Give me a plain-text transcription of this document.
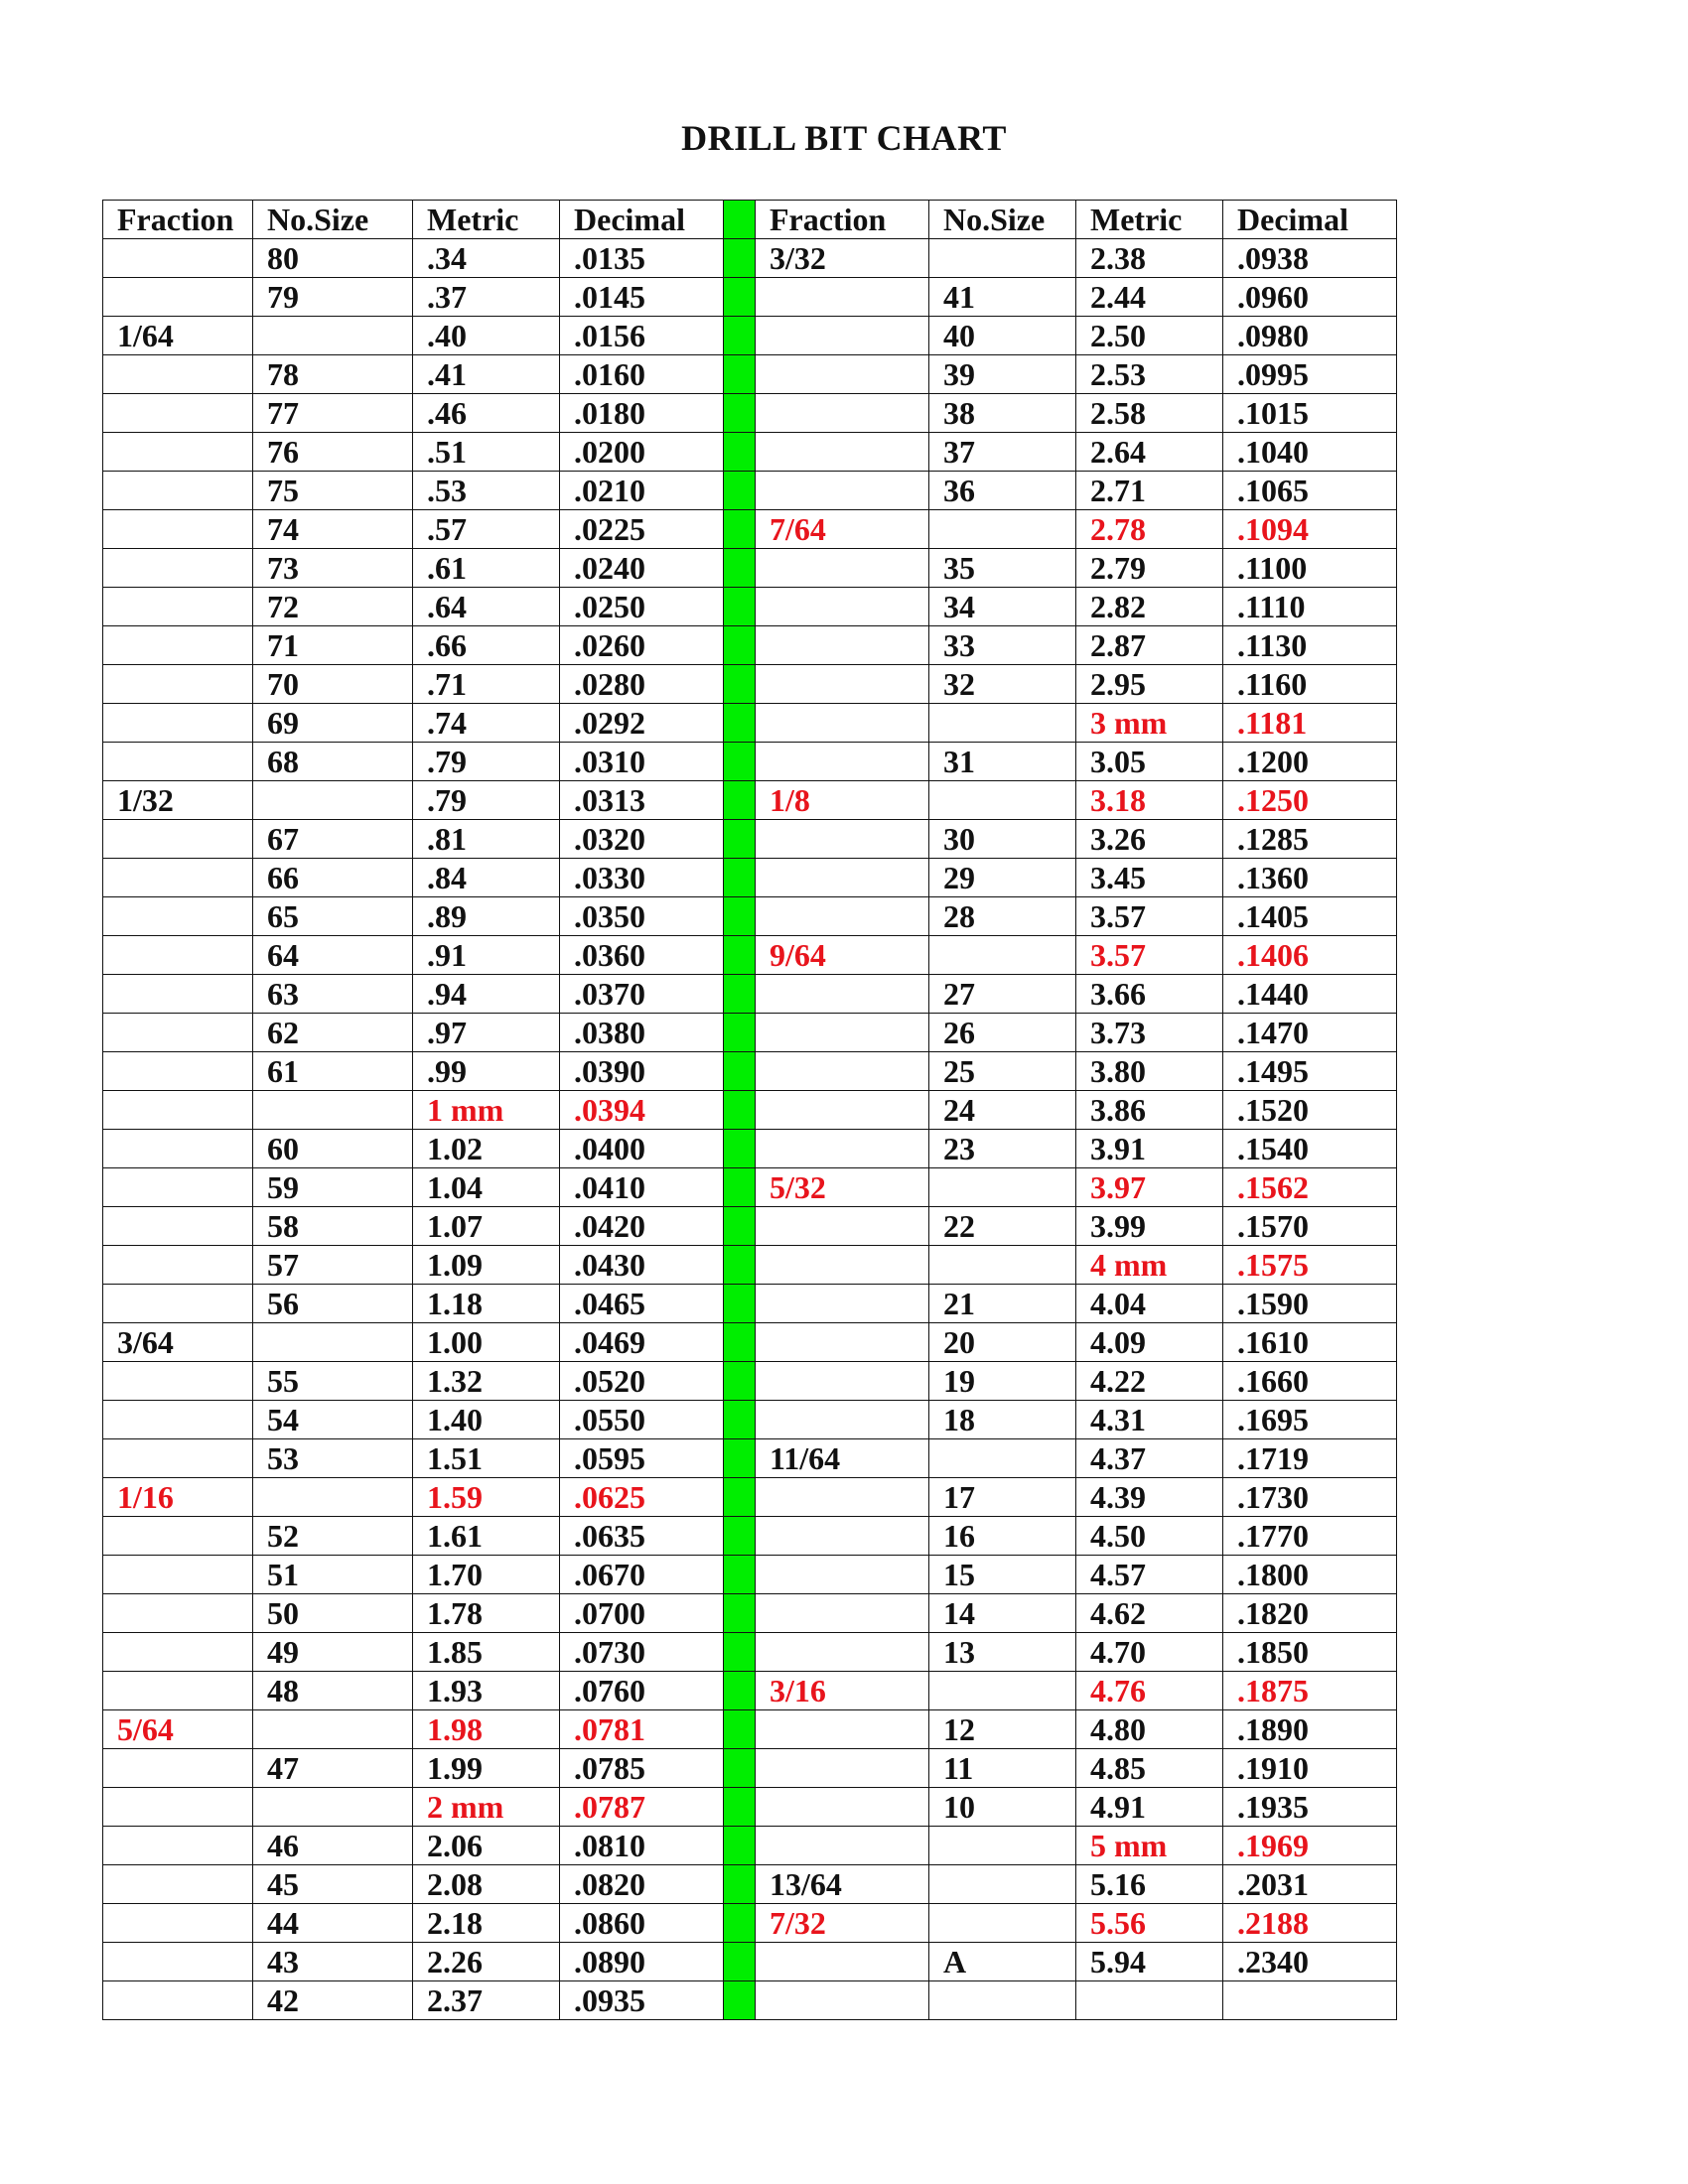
DRILL BIT CHART
Fraction	No.Size	Metric	Decimal		Fraction	No.Size	Metric	Decimal
	80	.34	.0135		3/32		2.38	.0938
	79	.37	.0145			41	2.44	.0960
1/64		.40	.0156			40	2.50	.0980
	78	.41	.0160			39	2.53	.0995
	77	.46	.0180			38	2.58	.1015
	76	.51	.0200			37	2.64	.1040
	75	.53	.0210			36	2.71	.1065
	74	.57	.0225		7/64		2.78	.1094
	73	.61	.0240			35	2.79	.1100
	72	.64	.0250			34	2.82	.1110
	71	.66	.0260			33	2.87	.1130
	70	.71	.0280			32	2.95	.1160
	69	.74	.0292				3 mm	.1181
	68	.79	.0310			31	3.05	.1200
1/32		.79	.0313		1/8		3.18	.1250
	67	.81	.0320			30	3.26	.1285
	66	.84	.0330			29	3.45	.1360
	65	.89	.0350			28	3.57	.1405
	64	.91	.0360		9/64		3.57	.1406
	63	.94	.0370			27	3.66	.1440
	62	.97	.0380			26	3.73	.1470
	61	.99	.0390			25	3.80	.1495
		1 mm	.0394			24	3.86	.1520
	60	1.02	.0400			23	3.91	.1540
	59	1.04	.0410		5/32		3.97	.1562
	58	1.07	.0420			22	3.99	.1570
	57	1.09	.0430				4 mm	.1575
	56	1.18	.0465			21	4.04	.1590
3/64		1.00	.0469			20	4.09	.1610
	55	1.32	.0520			19	4.22	.1660
	54	1.40	.0550			18	4.31	.1695
	53	1.51	.0595		11/64		4.37	.1719
1/16		1.59	.0625			17	4.39	.1730
	52	1.61	.0635			16	4.50	.1770
	51	1.70	.0670			15	4.57	.1800
	50	1.78	.0700			14	4.62	.1820
	49	1.85	.0730			13	4.70	.1850
	48	1.93	.0760		3/16		4.76	.1875
5/64		1.98	.0781			12	4.80	.1890
	47	1.99	.0785			11	4.85	.1910
		2 mm	.0787			10	4.91	.1935
	46	2.06	.0810				5 mm	.1969
	45	2.08	.0820		13/64		5.16	.2031
	44	2.18	.0860		7/32		5.56	.2188
	43	2.26	.0890			A	5.94	.2340
	42	2.37	.0935					
